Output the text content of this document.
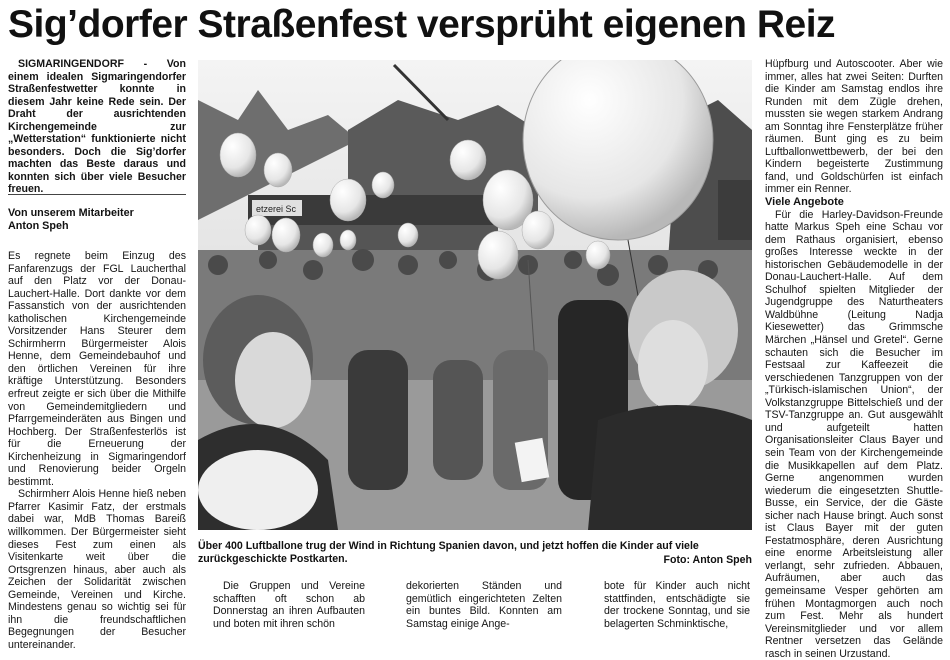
Sig’dorfer Straßenfest versprüht eigenen Reiz

SIGMARINGENDORF - Von einem idealen Sigmaringendorfer Straßenfestwetter konnte in diesem Jahr keine Rede sein. Der Draht der ausrichtenden Kirchengemeinde zur „Wetterstation“ funktionierte nicht besonders. Doch die Sig’dorfer machten das Beste daraus und konnten sich über viele Besucher freuen.

Von unserem Mitarbeiter
Anton Speh

Es regnete beim Einzug des Fanfarenzugs der FGL Laucherthal auf den Platz vor der Donau-Lauchert-Halle. Dort dankte vor dem Fassanstich von der ausrichtenden katholischen Kirchengemeinde Vorsitzender Hans Steurer dem Schirmherrn Bürgermeister Alois Henne, dem Gemeindebauhof und den örtlichen Vereinen für ihre kräftige Unterstützung. Besonders erfreut zeigte er sich über die Mithilfe von Gemeindemitgliedern und Pfarrgemeinderäten aus Bingen und Hochberg. Der Straßenfesterlös ist für die Erneuerung der Kirchenheizung in Sigmaringendorf und Renovierung beider Orgeln bestimmt.

Schirmherr Alois Henne hieß neben Pfarrer Kasimir Fatz, der erstmals dabei war, MdB Thomas Bareiß willkommen. Der Bürgermeister sieht dieses Fest zum einen als Visitenkarte weit über die Ortsgrenzen hinaus, aber auch als Zeichen der Solidarität zwischen Gemeinde, Vereinen und Kirche. Mindestens genau so wichtig sei für ihn die freundschaftlichen Begegnungen der Besucher untereinander.

etzerei Sc
Über 400 Luftballone trug der Wind in Richtung Spanien davon, und jetzt hoffen die Kinder auf viele zurückgeschickte Postkarten.	Foto: Anton Speh

Die Gruppen und Vereine schafften oft schon ab Donnerstag an ihren Aufbauten und boten mit ihren schön

dekorierten Ständen und gemütlich eingerichteten Zelten ein buntes Bild. Konnten am Samstag einige Ange-

bote für Kinder auch nicht stattfinden, entschädigte sie der trockene Sonntag, und sie belagerten Schminktische,

Hüpfburg und Autoscooter. Aber wie immer, alles hat zwei Seiten: Durften die Kinder am Samstag endlos ihre Runden mit dem Zügle drehen, mussten sie wegen starkem Andrang am Sonntag ihre Fensterplätze früher räumen. Bunt ging es zu beim Luftballonwettbewerb, der bei den Kindern begeisterte Zustimmung fand, und Goldschürfen ist einfach immer ein Renner.

Viele Angebote

Für die Harley-Davidson-Freunde hatte Markus Speh eine Schau vor dem Rathaus organisiert, ebenso großes Interesse weckte in der historischen Gebäudemodelle in der Donau-Lauchert-Halle. Auf dem Schulhof spielten Mitglieder der Jugendgruppe des Naturtheaters Waldbühne (Leitung Nadja Kiesewetter) das Grimmsche Märchen „Hänsel und Gretel“. Gerne schauten sich die Besucher im Festsaal zur Kaffeezeit die verschiedenen Tanzgruppen von der „Türkisch-islamischen Union“, der Volkstanzgruppe Bittelschieß und der TSV-Tanzgruppe an. Gut ausgewählt und aufgeteilt hatten Organisationsleiter Claus Bayer und sein Team von der Kirchengemeinde die Musikkapellen auf dem Platz. Gerne angenommen wurden wiederum die eingesetzten Shuttle-Busse, ein Service, der die Gäste sicher nach Hause bringt. Auch sonst ist Claus Bayer mit der guten Festatmosphäre, deren Ausrichtung eine enorme Arbeitsleistung aller verlangt, sehr zufrieden. Abbauen, Aufräumen, aber auch das gemeinsame Vesper gehörten am frühen Montagmorgen auch noch zum Fest. Mehr als hundert Vereinsmitglieder und vor allem Rentner versetzen das Gelände rasch in seinen Urzustand.
